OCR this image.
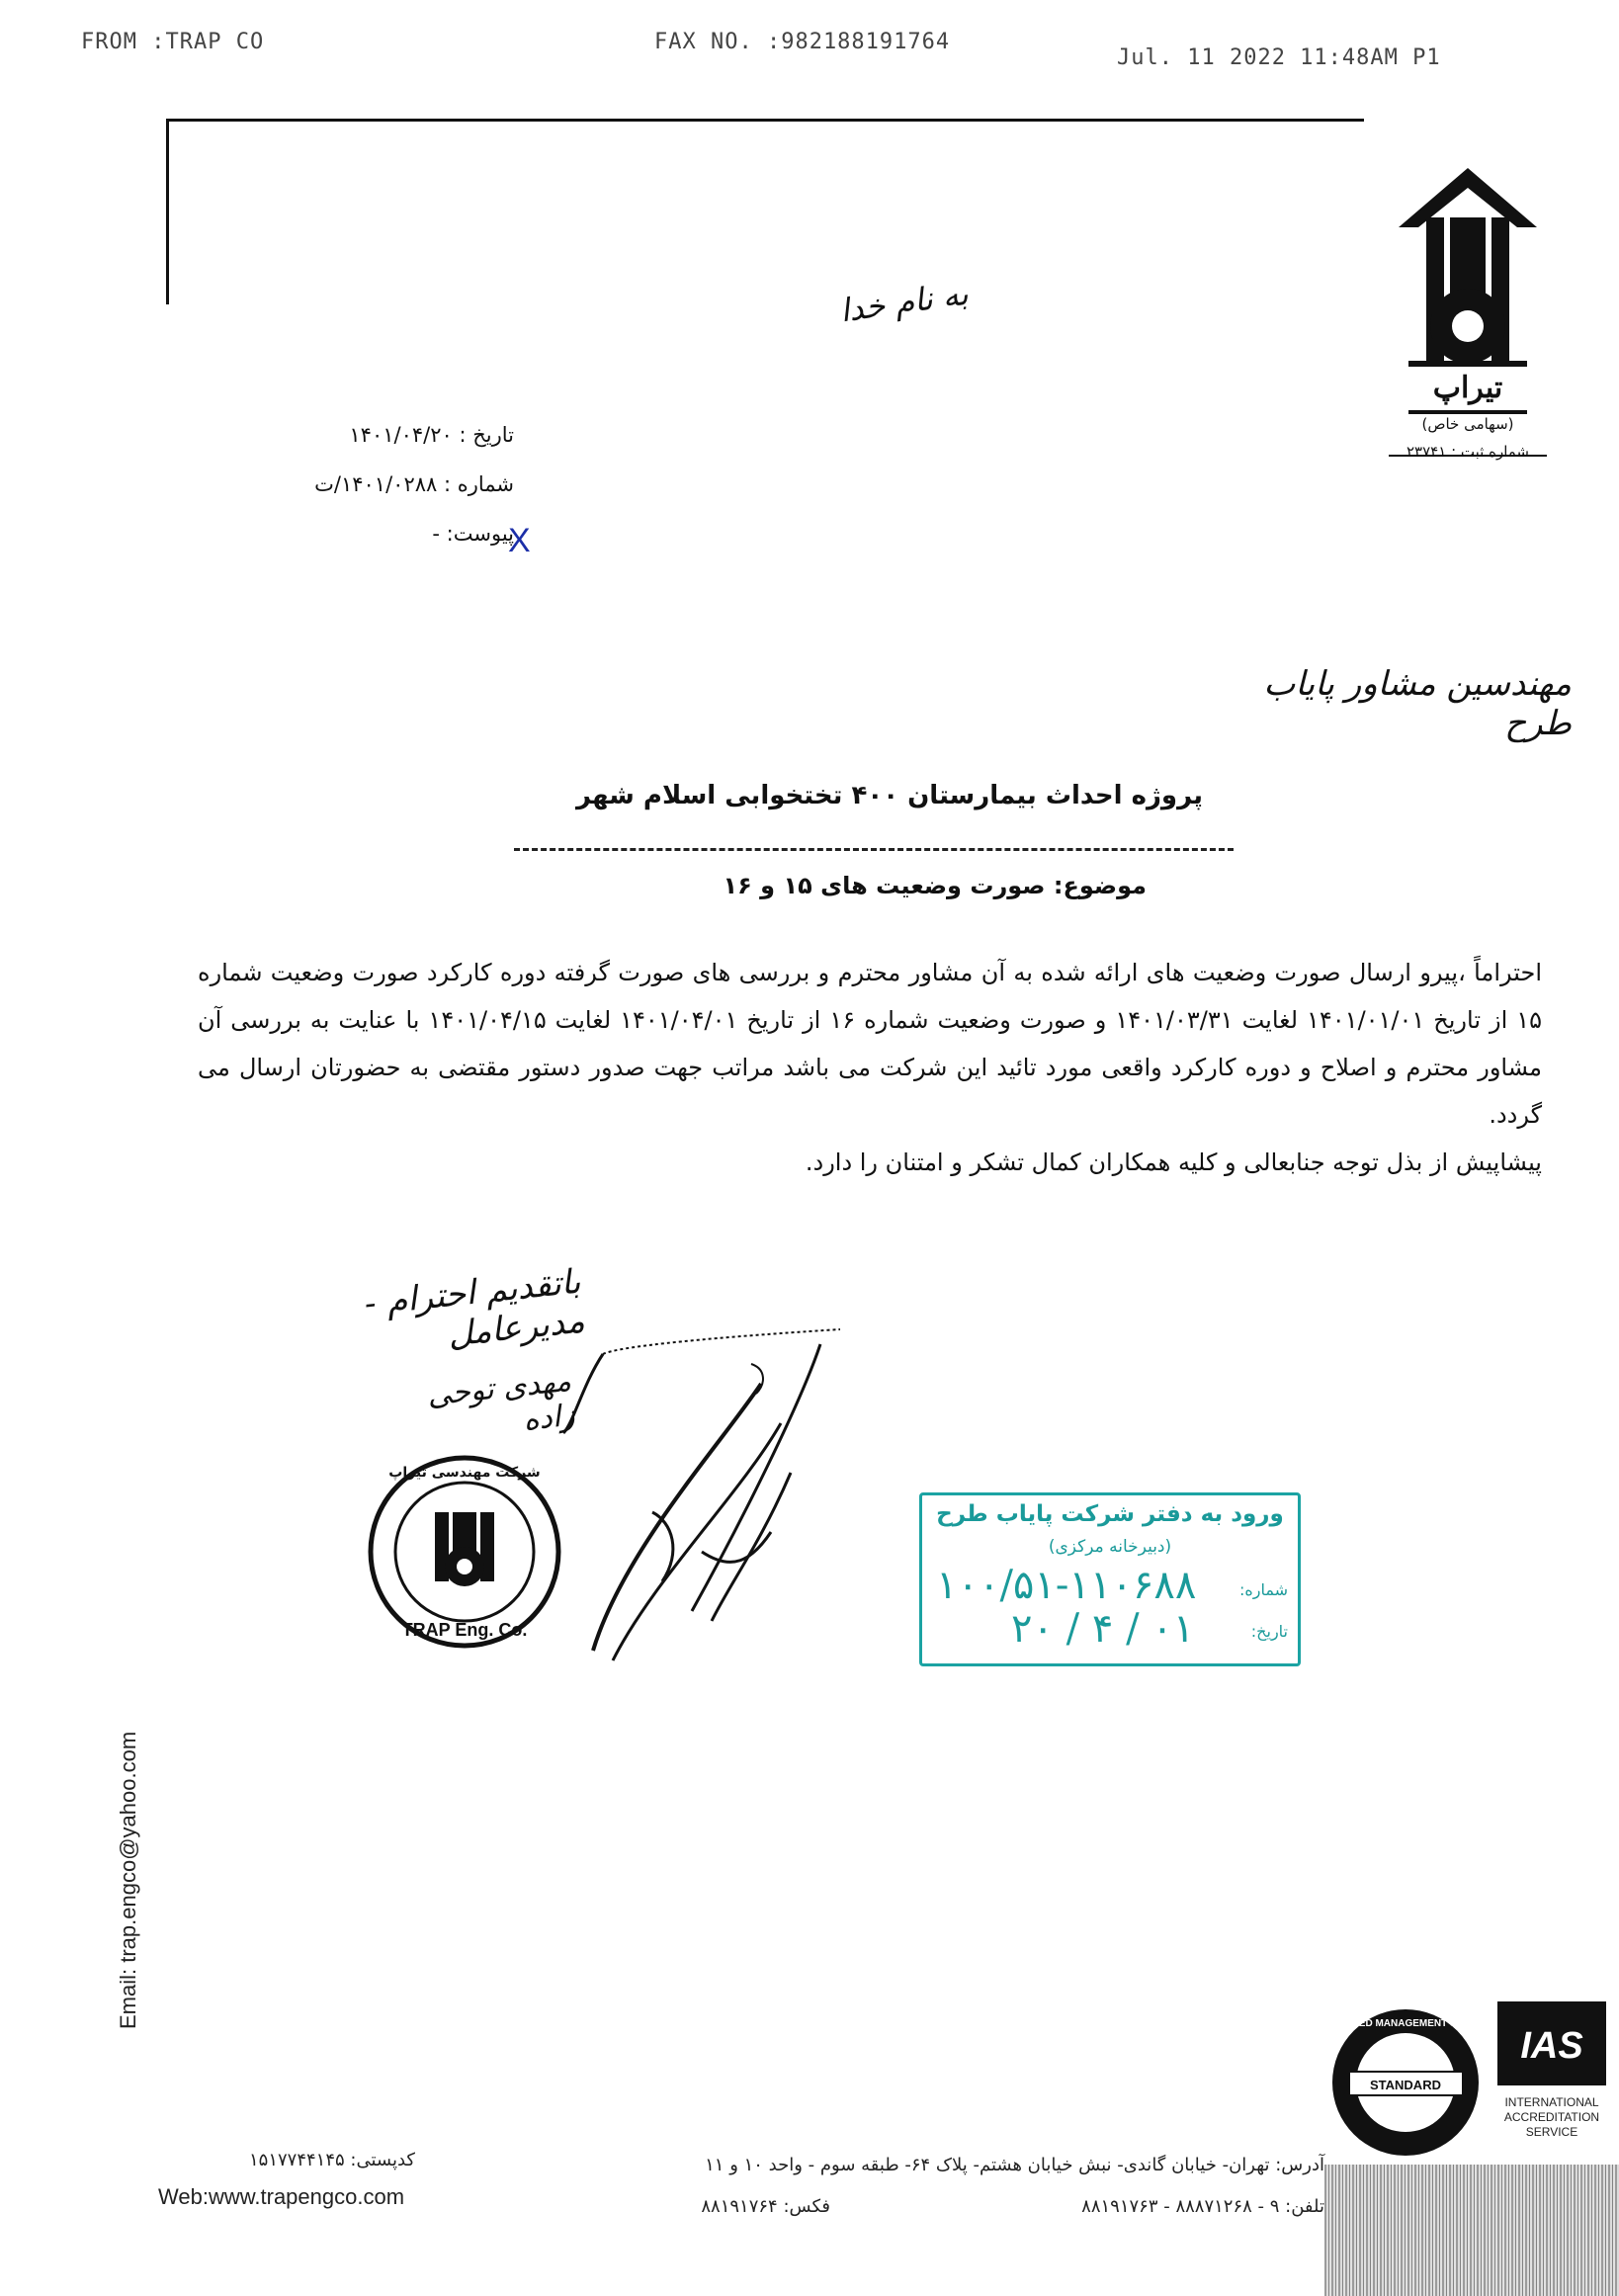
FROM :TRAP CO	FAX NO. :982188191764
Jul. 11 2022 11:48AM P1
تیراپ
(سهامی خاص)
شماره ثبت : ۲۳۷۴۱
به نام خدا
تاریخ : ۱۴۰۱/۰۴/۲۰
شماره : ۱۴۰۱/۰۲۸۸/ت
پیوست: -
X
مهندسین مشاور پایاب طرح
پروژه احداث بیمارستان ۴۰۰ تختخوابی اسلام شهر
موضوع: صورت وضعیت های ۱۵ و ۱۶

احتراماً ،پیرو ارسال صورت وضعیت های ارائه شده به آن مشاور محترم و بررسی های صورت گرفته دوره کارکرد صورت وضعیت شماره ۱۵ از تاریخ ۱۴۰۱/۰۱/۰۱ لغایت ۱۴۰۱/۰۳/۳۱ و صورت وضعیت شماره ۱۶ از تاریخ ۱۴۰۱/۰۴/۰۱ لغایت ۱۴۰۱/۰۴/۱۵ با عنایت به بررسی آن مشاور محترم و اصلاح و دوره کارکرد واقعی مورد تائید این شرکت می باشد مراتب جهت صدور دستور مقتضی به حضورتان ارسال می گردد.

پیشاپیش از بذل توجه جنابعالی و کلیه همکاران کمال تشکر و امتنان را دارد.

باتقدیم احترام - مدیرعامل
مهدی توحی زاده
TRAP Eng. Co.
شرکت مهندسی تیراپ
ورود به دفتر شرکت پایاب طرح
(دبیرخانه مرکزی)
شماره:
۱۰۰/۵۱-۱۱۰۶۸۸
تاریخ:
۰۱ / ۴ / ۲۰
Email: trap.engco@yahoo.com
STANDARD
CERTIFIED MANAGEMENT SYSTEM
IAS
INTERNATIONAL ACCREDITATION SERVICE
کدپستی: ۱۵۱۷۷۴۴۱۴۵
Web:www.trapengco.com
آدرس: تهران- خیابان گاندی- نبش خیابان هشتم- پلاک ۶۴- طبقه سوم - واحد ۱۰ و ۱۱
تلفن: ۹ - ۸۸۸۷۱۲۶۸ - ۸۸۱۹۱۷۶۳
فکس: ۸۸۱۹۱۷۶۴
